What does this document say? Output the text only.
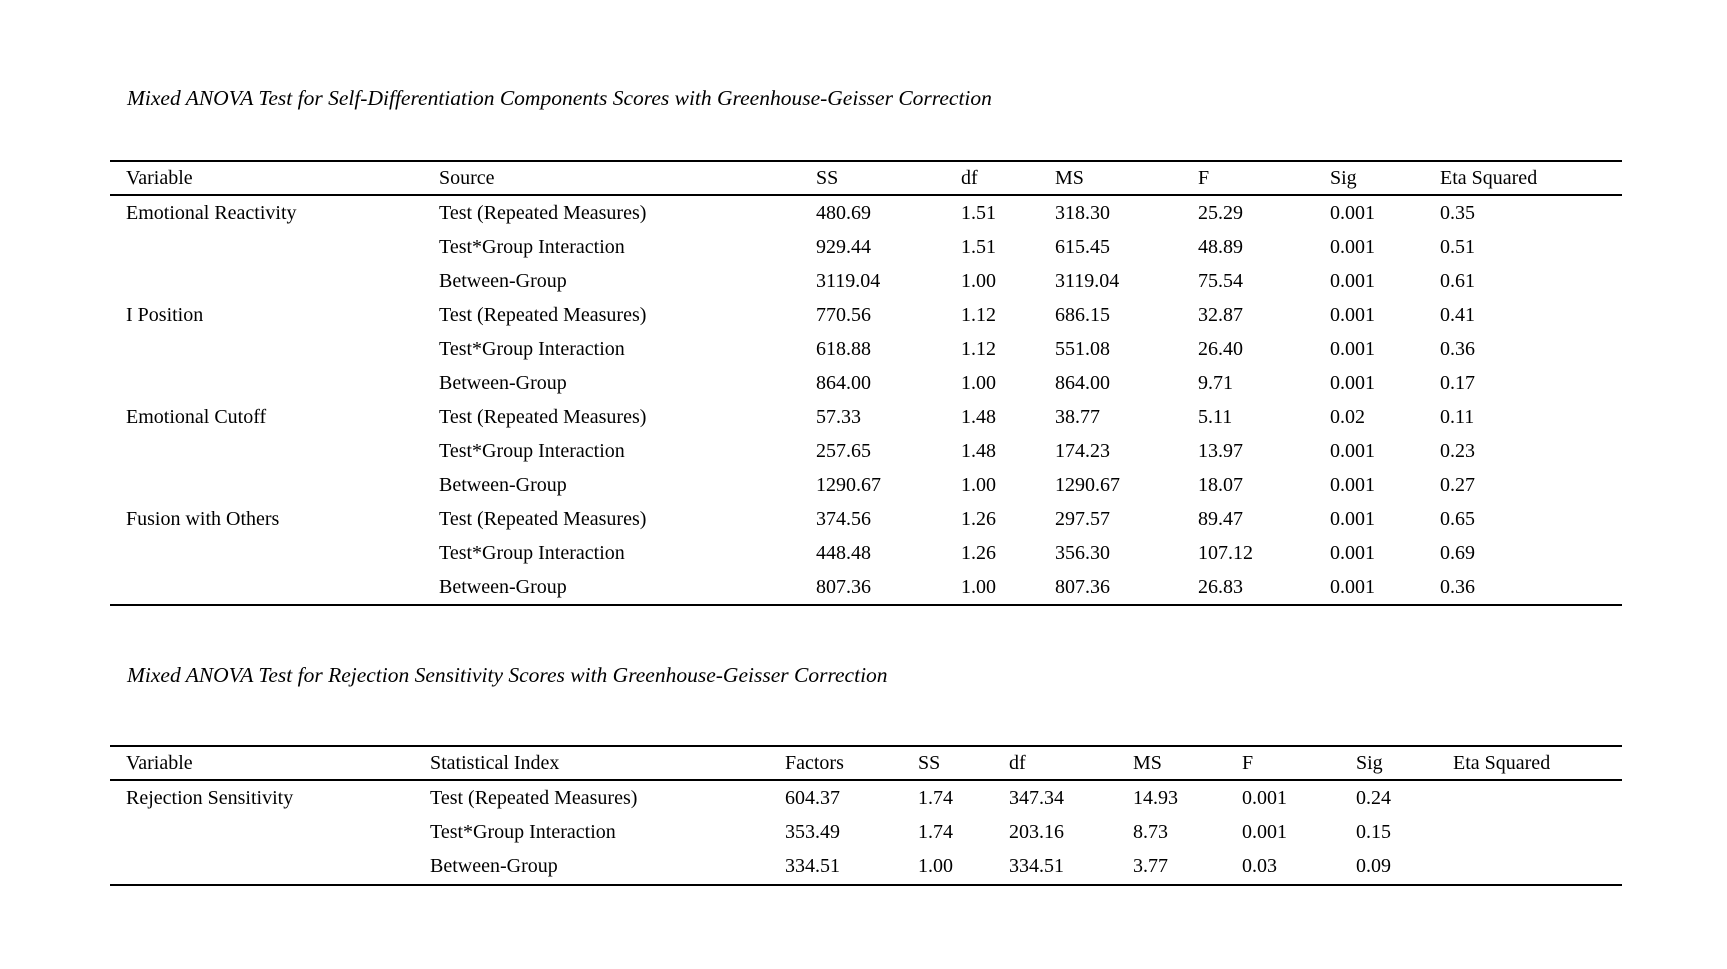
Mixed ANOVA Test for Self-Differentiation Components Scores with Greenhouse-Geisser Correction
Variable	Source	SS	df	MS	F	Sig	Eta Squared
Emotional Reactivity	Test (Repeated Measures)	480.69	1.51	318.30	25.29	0.001	0.35
	Test*Group Interaction	929.44	1.51	615.45	48.89	0.001	0.51
	Between-Group	3119.04	1.00	3119.04	75.54	0.001	0.61
I Position	Test (Repeated Measures)	770.56	1.12	686.15	32.87	0.001	0.41
	Test*Group Interaction	618.88	1.12	551.08	26.40	0.001	0.36
	Between-Group	864.00	1.00	864.00	9.71	0.001	0.17
Emotional Cutoff	Test (Repeated Measures)	57.33	1.48	38.77	5.11	0.02	0.11
	Test*Group Interaction	257.65	1.48	174.23	13.97	0.001	0.23
	Between-Group	1290.67	1.00	1290.67	18.07	0.001	0.27
Fusion with Others	Test (Repeated Measures)	374.56	1.26	297.57	89.47	0.001	0.65
	Test*Group Interaction	448.48	1.26	356.30	107.12	0.001	0.69
	Between-Group	807.36	1.00	807.36	26.83	0.001	0.36
Mixed ANOVA Test for Rejection Sensitivity Scores with Greenhouse-Geisser Correction
Variable	Statistical Index	Factors	SS	df	MS	F	Sig	Eta Squared
Rejection Sensitivity	Test (Repeated Measures)	604.37	1.74	347.34	14.93	0.001	0.24	
	Test*Group Interaction	353.49	1.74	203.16	8.73	0.001	0.15	
	Between-Group	334.51	1.00	334.51	3.77	0.03	0.09	
